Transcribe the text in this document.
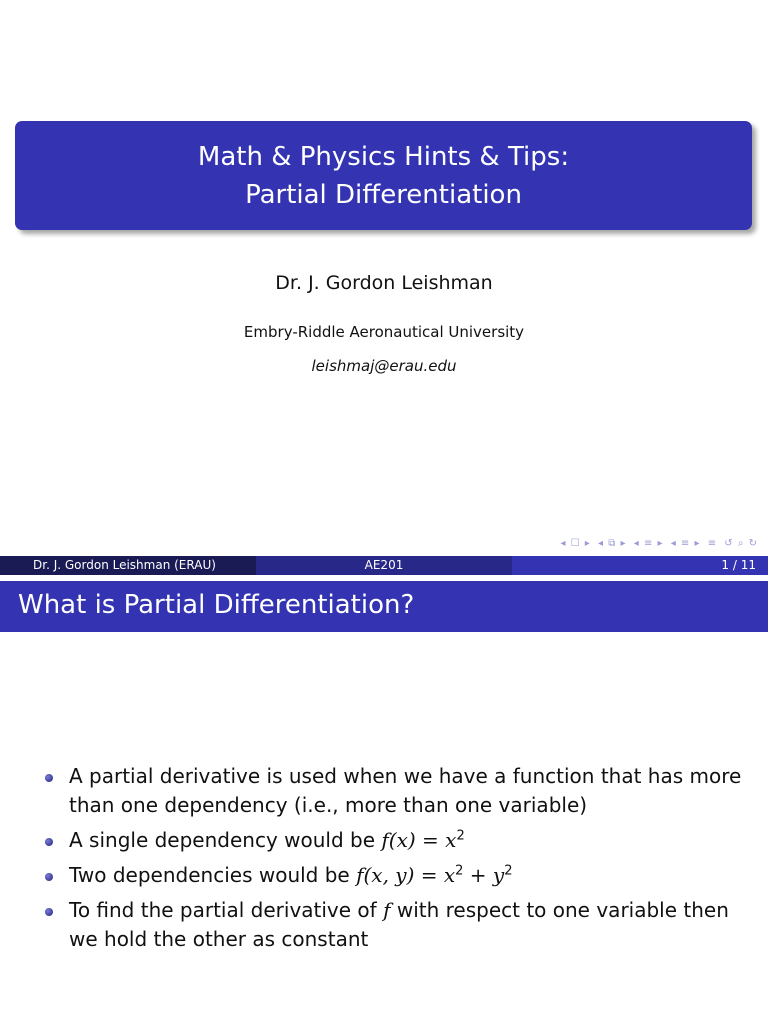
Math & Physics Hints & Tips:
Partial Differentiation
Dr. J. Gordon Leishman
Embry-Riddle Aeronautical University
leishmaj@erau.edu
◂ ☐ ▸ ◂ ⧉ ▸ ◂ ≡ ▸ ◂ ≡ ▸ ≡ ↺ ⌕ ↻
Dr. J. Gordon Leishman (ERAU)	AE201	1 / 11
What is Partial Differentiation?
A partial derivative is used when we have a function that has more than one dependency (i.e., more than one variable)
A single dependency would be $f(x) = x^2$
Two dependencies would be f(x, $y) = x^2 + y^2$
To find the partial derivative of f with respect to one variable then we hold the other as constant
